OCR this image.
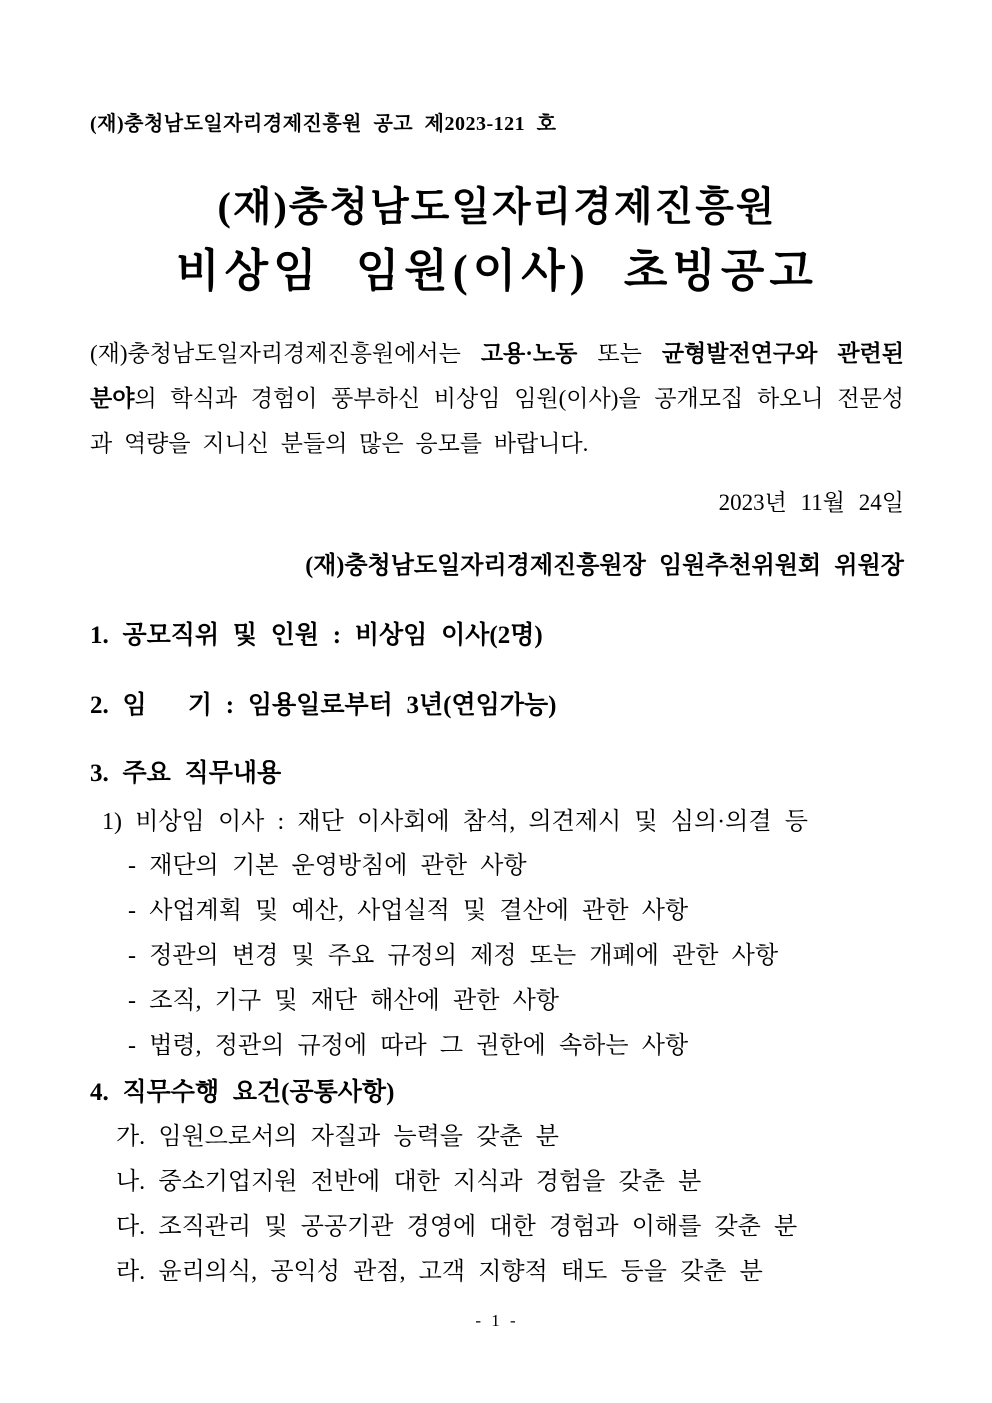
(재)충청남도일자리경제진흥원 공고 제2023-121 호
(재)충청남도일자리경제진흥원
비상임 임원(이사) 초빙공고

(재)충청남도일자리경제진흥원에서는 고용·노동 또는 균형발전연구와 관련된 분야의 학식과 경험이 풍부하신 비상임 임원(이사)을 공개모집 하오니 전문성과 역량을 지니신 분들의 많은 응모를 바랍니다.

2023년 11월 24일
(재)충청남도일자리경제진흥원장 임원추천위원회 위원장
1. 공모직위 및 인원 : 비상임 이사(2명)
2. 임   기 : 임용일로부터 3년(연임가능)
3. 주요 직무내용
1) 비상임 이사 : 재단 이사회에 참석, 의견제시 및 심의·의결 등
- 재단의 기본 운영방침에 관한 사항
- 사업계획 및 예산, 사업실적 및 결산에 관한 사항
- 정관의 변경 및 주요 규정의 제정 또는 개폐에 관한 사항
- 조직, 기구 및 재단 해산에 관한 사항
- 법령, 정관의 규정에 따라 그 권한에 속하는 사항
4. 직무수행 요건(공통사항)
가. 임원으로서의 자질과 능력을 갖춘 분
나. 중소기업지원 전반에 대한 지식과 경험을 갖춘 분
다. 조직관리 및 공공기관 경영에 대한 경험과 이해를 갖춘 분
라. 윤리의식, 공익성 관점, 고객 지향적 태도 등을 갖춘 분
- 1 -
